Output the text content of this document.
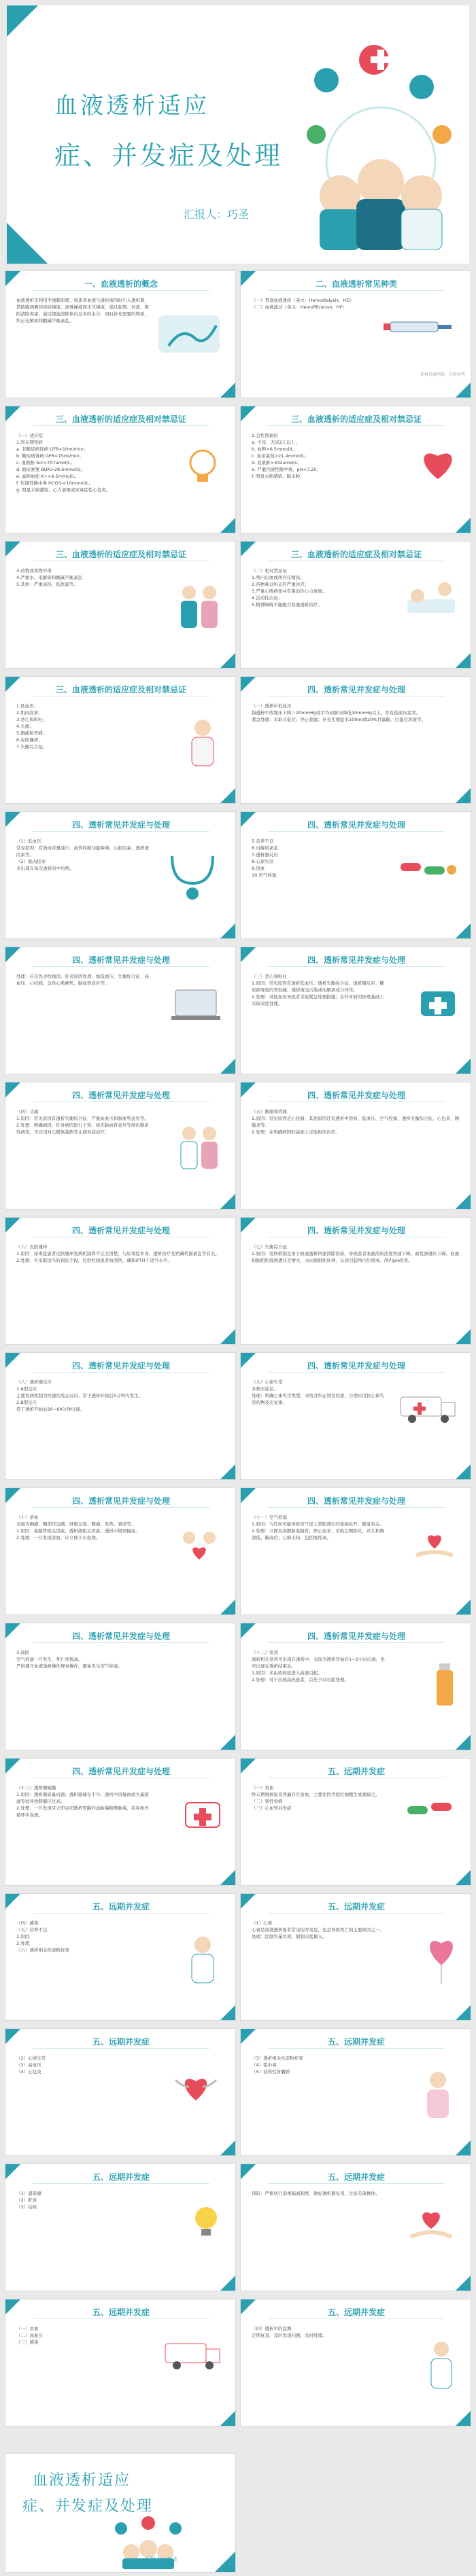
血液透析适应
症、并发症及处理
汇报人：巧圣
一、血液透析的概念
血液透析是利用半透膜原理，将患者血液与透析液同时引入透析器，借助膜两侧的溶质梯度、渗透梯度和水压梯度，通过弥散、对流、吸附清除毒素，通过超滤清除体内过多的水分，同时补充需要的物质，纠正电解质和酸碱平衡紊乱。
二、血液透析常见种类
（一）普通血液透析（英文：Hemodialysis，HD）
（二）血液滤过（英文：Hemofiltration，HF）
素材来源网络，仅供参考
三、血液透析的适应症及相对禁忌证
（一）适应症
1.终末期肾病
a. 非糖尿病肾病 GFR<10ml/min；
b. 糖尿病肾病 GFR<15ml/min；
c. 血肌酐 Scr>707umol/L；
d. 血尿素氮 BUN>28.6mmol/L；
e. 高钾血症 K+>6.5mmol/L；
f. 代谢性酸中毒 HCO3-<10mmol/L；
g. 明显水钠潴留、心力衰竭或尿毒症性心包炎。
三、血液透析的适应症及相对禁忌证
2.急性肾损伤
a. 少尿、无尿2天以上；
b. 血钾>6.5mmol/L；
c. 血尿素氮>21.4mmol/L；
d. 血肌酐>442umol/L；
e. 严重代谢性酸中毒，pH<7.25；
f. 明显水钠潴留、肺水肿。
三、血液透析的适应症及相对禁忌证
3.药物或毒物中毒
4.严重水、电解质和酸碱平衡紊乱
5.其他：严重高热、低体温等。
三、血液透析的适应症及相对禁忌证
（二）相对禁忌证
1.颅内出血或颅内压增高；
2.药物难以纠正的严重休克；
3.严重心肌病变并有难治性心力衰竭；
4.活动性出血；
5.精神障碍不能配合血液透析治疗。
三、血液透析的适应症及相对禁忌证
1.低血压；
2.肌肉痉挛；
3.恶心和呕吐；
4.头痛；
5.胸痛和背痛；
6.皮肤瘙痒；
7.失衡综合征。
四、透析常见并发症与处理
（一）透析中低血压
指透析中收缩压下降＞20mmHg或平均动脉压降低10mmHg以上，并有低血压症状。
紧急处理：采取头低位；停止超滤；补充生理盐水100ml或20%甘露醇、白蛋白溶液等。
四、透析常见并发症与处理
（1）低血压
常见原因：有效血容量减少、血管收缩功能障碍、心脏因素、透析液因素等。
（2）肌肉痉挛
多出现在每次透析的中后期。
四、透析常见并发症与处理
5.营养不良
6.电解质紊乱
7.透析器反应
8.心律失常
9.溶血
10.空气栓塞
四、透析常见并发症与处理
处理：应首先寻找诱因，针对原因处理，如低血压、失衡综合征、高血压、心绞痛、急性心肌梗死、脑血管意外等。
四、透析常见并发症与处理
（三）恶心和呕吐
1.原因：常见原因有透析低血压、透析失衡综合征、透析器反应、糖尿病导致的胃轻瘫、透析液受污染或电解质成分异常。
2.处理：对低血压导致者采取紧急处理措施；在针对病因处理基础上采取对症处理。
四、透析常见并发症与处理
（四）头痛
1.原因：常见原因有透析失衡综合征、严重高血压和脑血管意外等。
2.处理：明确病因，针对病因进行干预；如无脑血管意外等颅内器质性病变，可应用对乙酰氨基酚等止痛对症治疗。
四、透析常见并发症与处理
（五）胸痛和背痛
1.原因：常见原因是心绞痛，其他原因还有透析中溶血、低血压、空气栓塞、透析失衡综合征、心包炎、胸膜炎等。
2.处理：在明确病因的基础上采取相应治疗。
四、透析常见并发症与处理
（六）皮肤瘙痒
1.原因：尿毒症患者皮肤瘙痒发病机制尚不完全清楚，与尿毒症本身、透析治疗及钙磷代谢紊乱等有关。
2.处理：可采取适当的预防手段，包括控制患者血清钙、磷和iPTH于适当水平。
四、透析常见并发症与处理
（七）失衡综合征
1.原因：发病机制是由于血液透析快速清除溶质，导致患者血液溶质浓度快速下降，血浆渗透压下降，血液和脑组织液渗透压差增大，水向脑组织转移，从而引起颅内压增高、颅内pH改变。
四、透析常见并发症与处理
（八）透析器反应
1.A型反应
主要发病机制为快速的变态反应，常于透析开始后5分钟内发生。
2.B型反应
常于透析开始后20~60分钟出现。
四、透析常见并发症与处理
（九）心律失常
多数无症状。
处理：明确心律失常类型，寻找并纠正诱发因素，合理应用抗心律失常药物及电复律。
四、透析常见并发症与处理
（十）溶血
表现为胸痛、胸部压迫感、呼吸急促、腹痛、发热、畏寒等。
1.原因：血路管相关因素、透析液相关因素、透析中错误输血。
2.处理：一旦发现溶血，应立即予以处理。
四、透析常见并发症与处理
（十一）空气栓塞
1.原因：与任何可能导致空气进入管腔部位的连接松开、脱落有关。
2.处理：立即夹闭静脉血路管，停止血泵；采取左侧卧位，并头和胸部低、脚高位；心肺支持，包括吸纯氧。
四、透析常见并发症与处理
3.预防
空气栓塞一旦发生，死亡率极高。
严格遵守血液透析操作规章操作，避免发生空气栓塞。
四、透析常见并发症与处理
（十二）发热
透析相关发热可出现在透析中，表现为透析开始后1~2小时出现；也可出现在透析结束后。
1.原因：多由致热原进入血液引起。
2.处理：对于出现高热患者，首先予以对症处理。
四、透析常见并发症与处理
（十三）透析器破膜
1.原因：透析器质量问题；透析器储存不当；透析中因凝血或大量超滤等而导致跨膜压过高。
2.处理：一旦发现应立即夹闭透析管路的动脉端和静脉端，丢弃体外循环中血液。
五、远期并发症
（一）贫血
终末期肾病患者普遍存在贫血，主要原因为促红细胞生成素缺乏。
（二）肾性骨病
（三）心血管并发症
五、远期并发症
（四）感染
（五）营养不良
1.原因
2.处理
（六）透析相关性淀粉样变
五、远期并发症
（1）心衰
心衰是血液透析患者常见的并发症，也是导致死亡的主要原因之一。
处理：控制容量负荷，限制水盐摄入。
五、远期并发症
（2）心律失常
（3）高血压
（4）心包炎
五、远期并发症
（3）透析相关性淀粉样变
（4）铝中毒
（5）获得性肾囊肿
五、远期并发症
（1）感染源
（2）肝炎
（3）结核
五、远期并发症
预防：严格执行消毒隔离制度，做好透析器复用，注意无菌操作。
五、远期并发症
（一）贫血
（二）高血压
（三）感染
五、远期并发症
（四）透析中的监测
定期复查，及时发现问题，及时处理。
血液透析适应
症、并发症及处理
汇报人：巧圣
